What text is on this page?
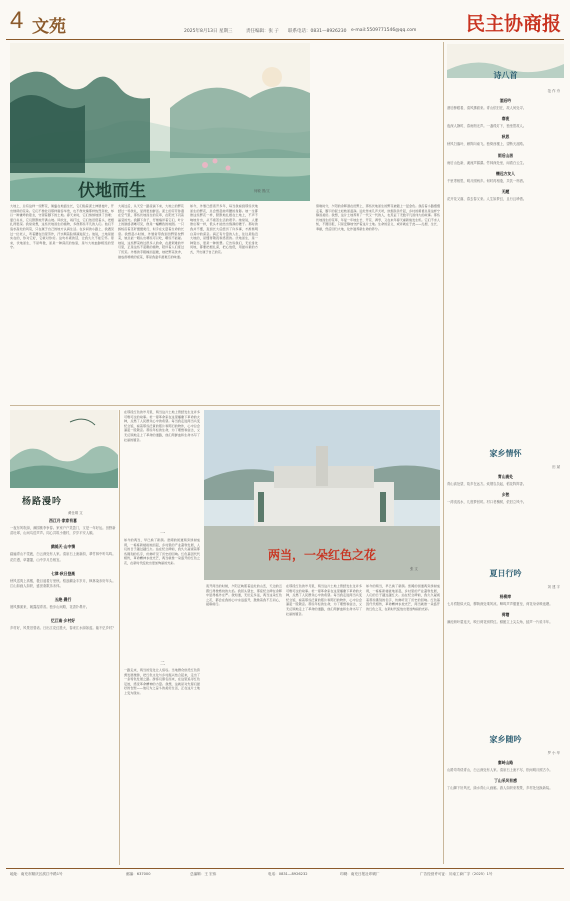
4 文苑	2025年8月13日 星期三	责任编辑：张 子 联系电话：0831—8926230 e-mail:5509771546@qq.com	民主协商报
伏地而生	何敏 图/文
大地上，总有这样一些野花，匍匐在地面生长，它们贴着泥土伸展枝叶，开出细碎的花朵。它们不像牡丹那样雍容华贵，也不像玫瑰那样热烈奔放，却以一种谦卑的姿态，守望着脚下的土地。春天来时，它们悄悄地绿了田埂；夏日炎炎，它们默默地开满山坡。风吹过，雨打过，它们依旧低着头，把根扎得更深。我常常想，这些伏地而生的植物，多像那些平凡的人们。他们不追求高处的风景，只在属于自己的地方认真生活。在乡间的小路上，我遇见过一位老人，弯着腰在田里劳作，汗水顺着脸颊滴进泥土。他说，土地是最实在的，你对它好，它就对你好。这句朴素的话，让我久久不能忘怀。原来，伏地而生，不是卑微，而是一种深沉的热爱，是与大地血脉相连的坚守。
大雨过后，从天空一路流淌下来，大地上的野花经过一场洗礼，显得更加鲜活。泥土的芬芳弥漫在空气里，那些伏地而生的花草，在阳光下闪着晶莹的光。我蹲下身子，仔细端详着它们，叶片上的脉络清晰可见，像是一幅精致的地图。一只蚂蚁沿着茎秆缓缓爬行，似乎在丈量着生命的长度。我想起小时候，外婆常带我到田野里挖野菜，她总能一眼认出哪些可以吃，哪些不能碰。她说，这些野菜救过很多人的命，在最艰难的岁月里，正是这些不起眼的植物，陪伴着人们度过了饥荒。外婆的手粗糙而温暖，她把野菜洗净，做成香喷喷的饭菜，那是我童年最难忘的味道。
如今，外婆已经离开多年，每当我看到那些伏地而生的野花，总会想起她弯腰的身影。她一生都像这些野花一样，默默地扎根在土地上，不声不响地付出，从不抱怨生活的艰辛。她常说，人要像庄稼一样，低头才能结出饱满的穗子。那时的我并不懂，直到长大后经历了许多事，才渐渐明白其中的深意。真正有分量的人生，往往是贴近大地的，是懂得敬畏和感恩的。伏地而生，是一种姿态，更是一种智慧。它告诉我们，无论身处何地，都要把根扎深，把心放低，用最朴素的方式，开出属于自己的花。
傍晚时分，夕阳的余晖洒在田野上，那些伏地而生的野花被镀上一层金色。我沿着小路慢慢走着，脚下的泥土松软而温润。远处传来几声犬吠，炊烟袅袅升起，乡村的黄昏总是这样宁静而美好。我想，这片土地养育了一代又一代的人，也见证了无数平凡而伟大的故事。那些伏地而生的花草，年复一年地生长、开花、凋零，又在来年春天重新焕发生机。它们不求人知，不图回报，只是安静地守护着这片土地。生命的意义，或许就在于此——扎根、生长、奉献，然后回归大地，化作滋养新生命的养分。
杨路漫吟
黄仕琪 文
西江月·家家有喜
一夜东风吹绿，满园桃李争春。家家户户笑盈门，又是一年好运。田野新苗吐翠，山间鸟语声声。同心共筑小康村，岁岁平安人顺。
鹧鸪天·山中情
踏遍青山不觉疲，白云深处有人家。清泉石上流新韵，翠竹林中听鸟鸣。花烂漫，草萋萋，山中岁月总相宜。
七律·秋日登高
秋风送爽上高楼，极目遥看万里秋。稻浪翻金丰岁月，枫林染赤好年头。江山如画人如织，盛世欢歌乐未休。
五绝·晨行
晨风拂面来，朝露湿青苔。独步山间路，花香扑鼻开。
忆江南·乡村好
乡村好，风景旧曾谙。日出江花红胜火，春来江水绿如蓝。能不忆乡村？
在那段红色的岁月里，两当这片土地上曾经发生过许多可歌可泣的故事。老一辈革命家在这里播撒下革命的火种，点燃了人民群众心中的希望。每当我走进两当兵变纪念馆，看着那些泛黄的照片和陈旧的物件，心中总会涌起一股敬意。那些年轻的生命，为了理想和信念，义无反顾地走上了革命的道路，他们用鲜血和生命书写了壮丽的篇章。
两当，一朵红色之花
张 文
一
如今的两当，早已换了新颜。宽阔的街道两旁绿树成荫，一栋栋新楼拔地而起，乡村里的产业蓬勃发展，人们的日子越过越红火。站在纪念碑前，我久久凝视着那些镌刻的名字，仿佛听见了历史的回响。红色基因代代相传，革命精神永放光芒，两当就像一朵盛开的红色之花，在新时代绽放出更加绚丽的光彩。
二
一路走来，两当的变化让人惊叹。当地群众依托红色资源发展旅游，把红色文化与乡村振兴结合起来，走出了一条特色发展之路。游客们慕名而来，在这里追寻红色足迹，感受革命精神的力量。我想，这就是对先辈们最好的告慰——他们为之奋斗的美好生活，正在这片土地上变为现实。
离开两当的时候，夕阳正映照着远处的山峦，天边的云霞红得像燃烧的火焰。我回头望去，那座纪念碑在余晖中显得格外庄严。我知道，无论走多远，两当这朵红色之花，都会在我的心中永远盛开，激励着我不忘初心，砥砺前行。
在那段红色的岁月里，两当这片土地上曾经发生过许多可歌可泣的故事。老一辈革命家在这里播撒下革命的火种，点燃了人民群众心中的希望。每当我走进两当兵变纪念馆，看着那些泛黄的照片和陈旧的物件，心中总会涌起一股敬意。那些年轻的生命，为了理想和信念，义无反顾地走上了革命的道路，他们用鲜血和生命书写了壮丽的篇章。
如今的两当，早已换了新颜。宽阔的街道两旁绿树成荫，一栋栋新楼拔地而起，乡村里的产业蓬勃发展，人们的日子越过越红火。站在纪念碑前，我久久凝视着那些镌刻的名字，仿佛听见了历史的回响。红色基因代代相传，革命精神永放光芒，两当就像一朵盛开的红色之花，在新时代绽放出更加绚丽的光彩。
诗八首
范 作 舟
酒后吟
酒后醉眼看，清风拂面来。青山依旧在，故人何处寻。
春夜
夜深人静时，春雨细无声。一盏孤灯下，独坐思故人。
秋思
秋风扫落叶，雁阵向南飞。独倚西楼上，望断天涯路。
雨后山居
雨后山色新，溪流声潺潺。竹林深处坐，闲看白云生。
赠远方友人
千里寄相思，明月照两乡。何时再相逢，共饮一杯酒。
无题
花开花又落，春去春又来。人生如梦幻，且行且珍惜。
家乡情怀
田 斌
青山高处
青山高处望，故乡在远方。炊烟袅袅起，稻花阵阵香。
乡愁
一湾浅浅水，几度梦回时。村口老槐树，依旧立风中。
夏日行吟
刘 建 宇
杨柳岸
七月骄阳似火烧，柳荫深处乘风凉。蝉鸣声声催夏至，荷花朵朵映池塘。
荷塘
满池荷叶碧连天，映日荷花别样红。蜻蜓立上尖尖角，蛙声一片说丰年。
家乡随吟
罗 小 华
秦岭山路
山路弯弯绕青山，白云深处有人家。清泉石上流不尽，松间明月照古今。
丁山采风有感
丁山脚下好风光，绿水青山入画廊。游人如织来观景，乡村处处换新装。
地址：南充市顺庆区滨江中路1号	邮编：637000	总编辑：王 宏伟	电话：0831—8926232	印刷：南充日报社印刷厂	广告经营许可证：川南工商广字（2025）1号
